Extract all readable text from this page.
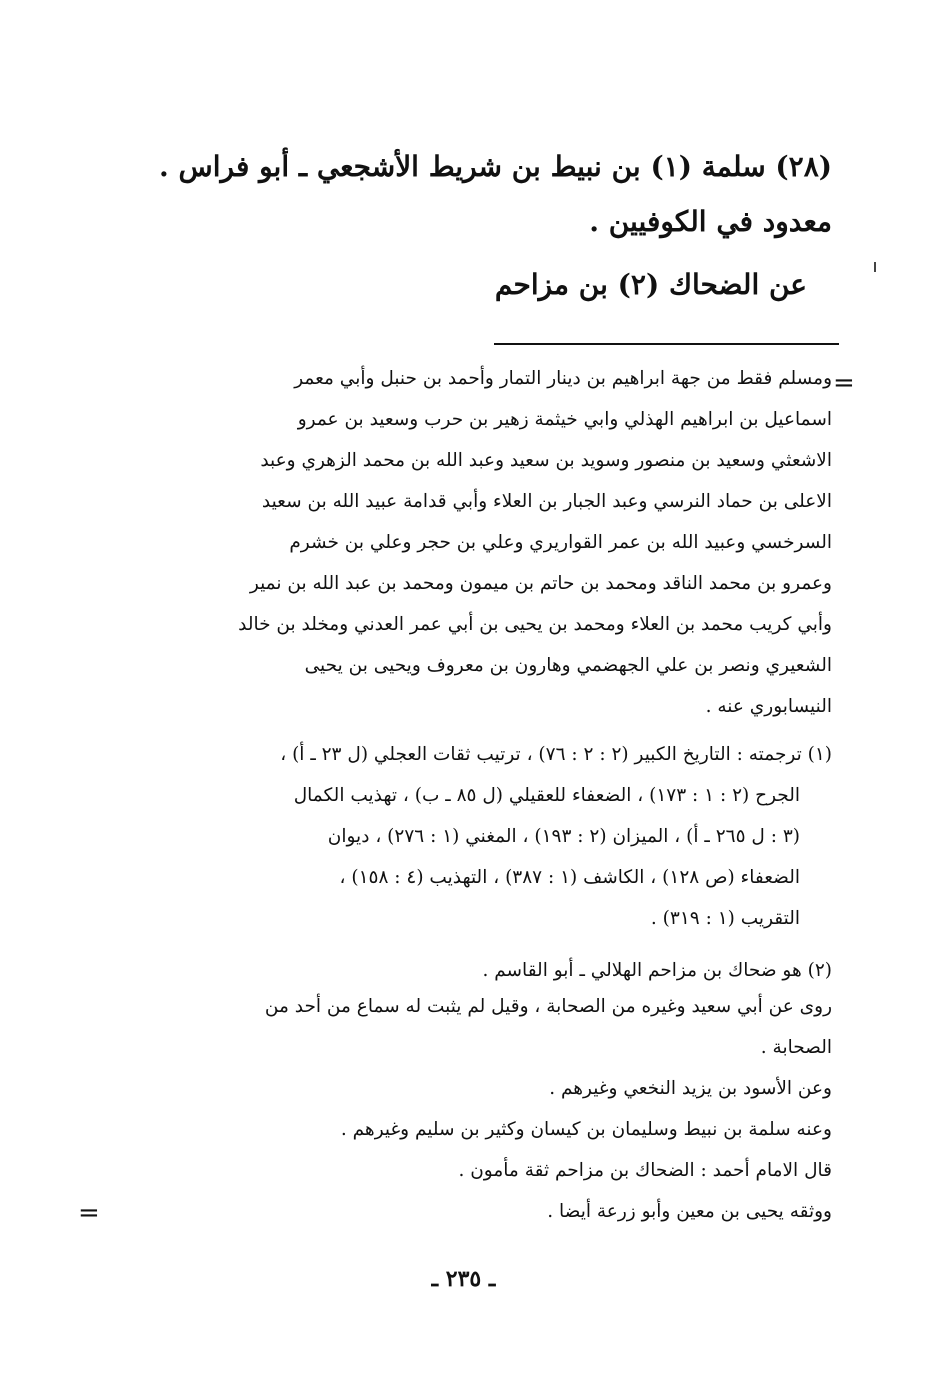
(٢٨) سلمة (١) بن نبيط بن شريط الأشجعي ـ أبو فراس .
معدود في الكوفيين .
عن الضحاك (٢) بن مزاحم
=
ومسلم فقط من جهة ابراهيم بن دينار التمار وأحمد بن حنبل وأبي معمر
اسماعيل بن ابراهيم الهذلي وابي خيثمة زهير بن حرب وسعيد بن عمرو
الاشعثي وسعيد بن منصور وسويد بن سعيد وعبد الله بن محمد الزهري وعبد
الاعلى بن حماد النرسي وعبد الجبار بن العلاء وأبي قدامة عبيد الله بن سعيد
السرخسي وعبيد الله بن عمر القواريري وعلي بن حجر وعلي بن خشرم
وعمرو بن محمد الناقد ومحمد بن حاتم بن ميمون ومحمد بن عبد الله بن نمير
وأبي كريب محمد بن العلاء ومحمد بن يحيى بن أبي عمر العدني ومخلد بن خالد
الشعيري ونصر بن علي الجهضمي وهارون بن معروف ويحيى بن يحيى
النيسابوري عنه .
(١) ترجمته : التاريخ الكبير (٢ : ٢ : ٧٦) ، ترتيب ثقات العجلي (ل ٢٣ ـ أ) ،
الجرح (٢ : ١ : ١٧٣) ، الضعفاء للعقيلي (ل ٨٥ ـ ب) ، تهذيب الكمال
(٣ : ل ٢٦٥ ـ أ) ، الميزان (٢ : ١٩٣) ، المغني (١ : ٢٧٦) ، ديوان
الضعفاء (ص ١٢٨) ، الكاشف (١ : ٣٨٧) ، التهذيب (٤ : ١٥٨) ،
التقريب (١ : ٣١٩) .
(٢) هو ضحاك بن مزاحم الهلالي ـ أبو القاسم .
روى عن أبي سعيد وغيره من الصحابة ، وقيل لم يثبت له سماع من أحد من
الصحابة .
وعن الأسود بن يزيد النخعي وغيرهم .
وعنه سلمة بن نبيط وسليمان بن كيسان وكثير بن سليم وغيرهم .
قال الامام أحمد : الضحاك بن مزاحم ثقة مأمون .
ووثقه يحيى بن معين وأبو زرعة أيضا .
=
ـ ٢٣٥ ـ
